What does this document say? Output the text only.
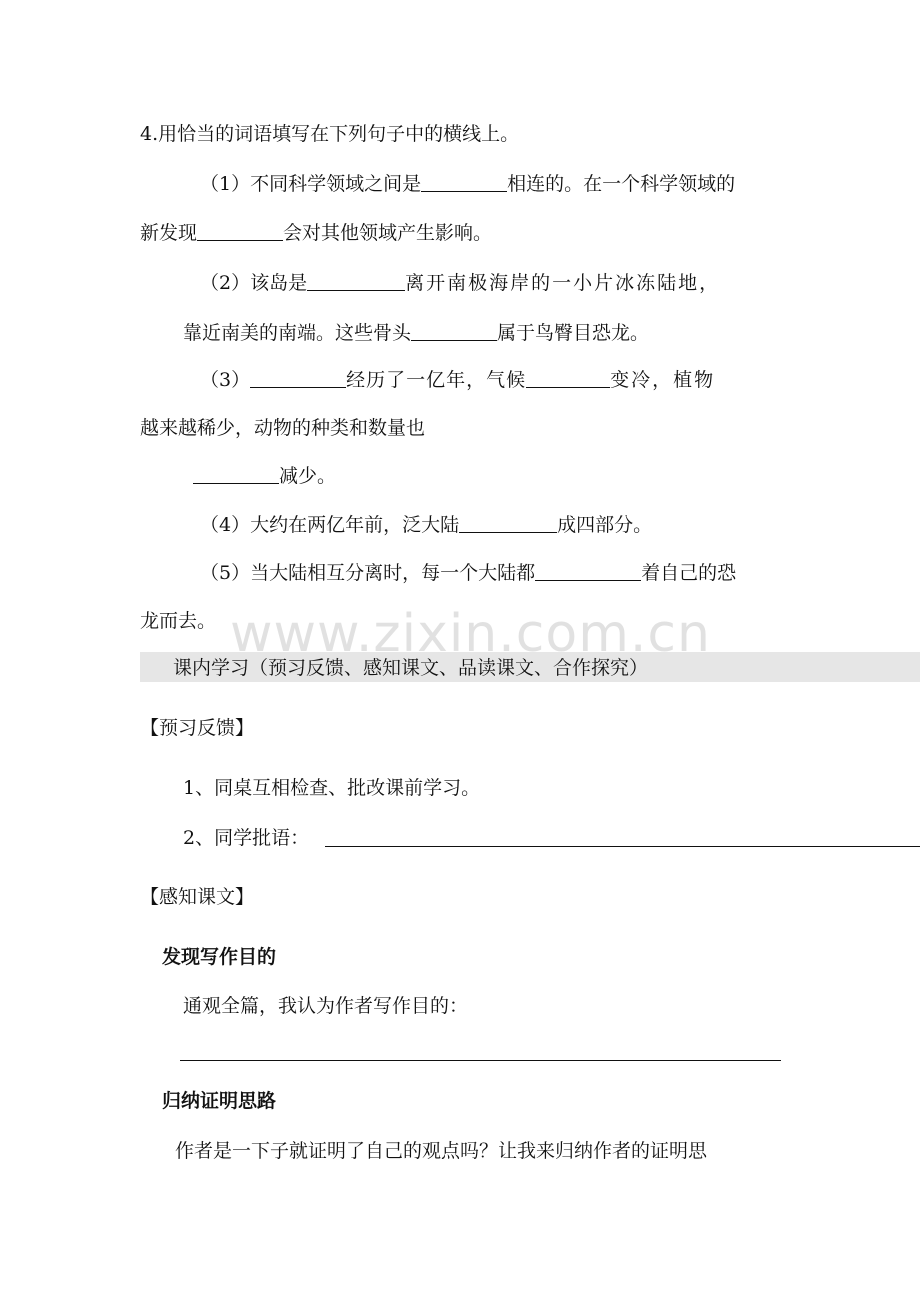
4.用恰当的词语填写在下列句子中的横线上。
（1）不同科学领域之间是	相连的。在一个科学领域的
新发现	会对其他领域产生影响。
（2）该岛是	离开南极海岸的一小片冰冻陆地，
靠近南美的南端。这些骨头	属于鸟臀目恐龙。
（3）	经历了一亿年，气候	变冷，植物
越来越稀少，动物的种类和数量也
减少。
（4）大约在两亿年前，泛大陆	成四部分。
（5）当大陆相互分离时，每一个大陆都	着自己的恐
龙而去。 www.zixin.com.cn
课内学习（预习反馈、感知课文、品读课文、合作探究）
【预习反馈】
1、同桌互相检查、批改课前学习。
2、同学批语：
【感知课文】
发现写作目的
通观全篇，我认为作者写作目的：
归纳证明思路
作者是一下子就证明了自己的观点吗？让我来归纳作者的证明思
